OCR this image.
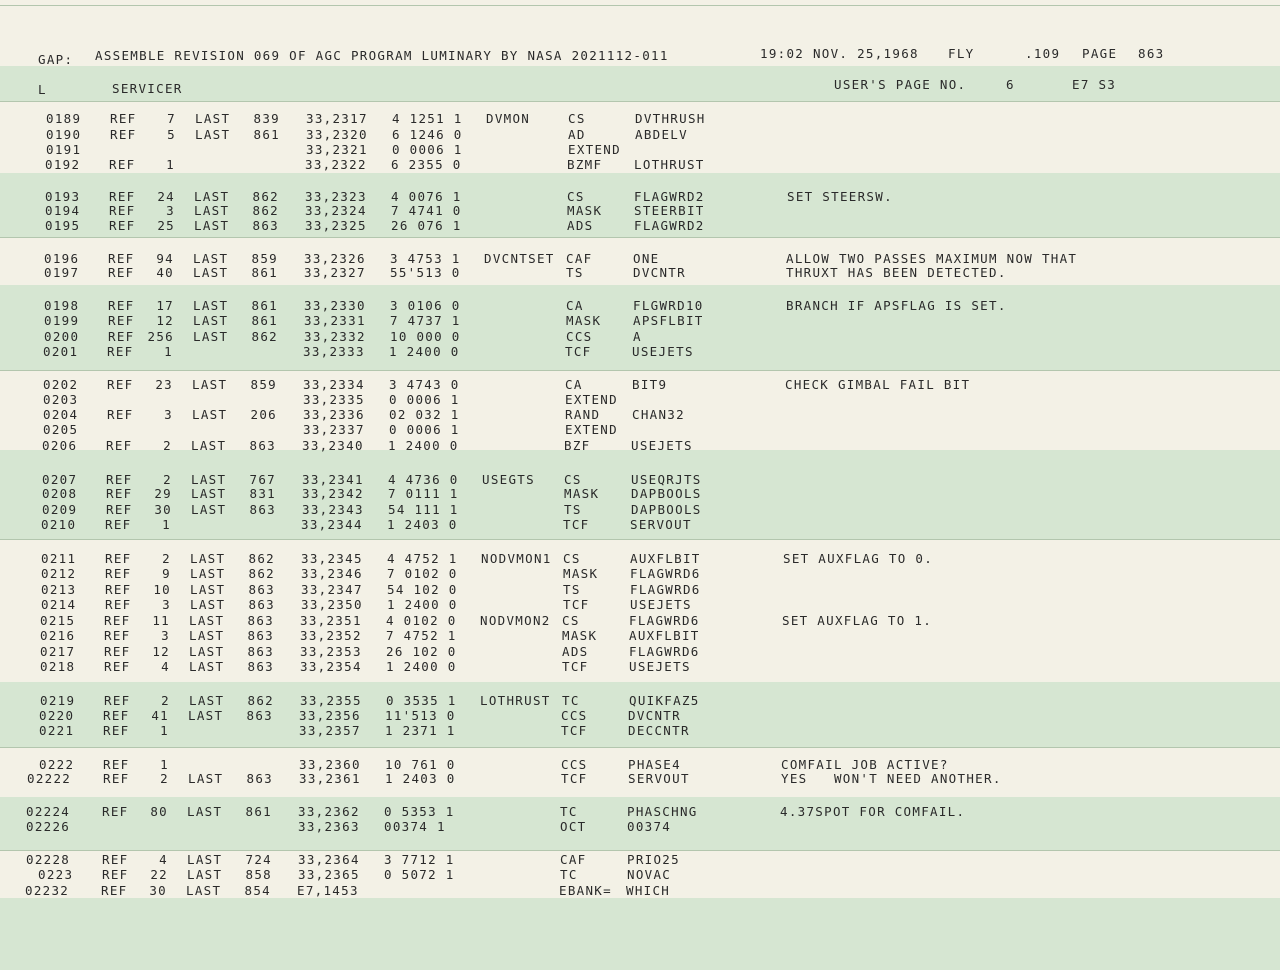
GAP: ASSEMBLE REVISION 069 OF AGC PROGRAM LUMINARY BY NASA 2021112-011	19:02 NOV. 25,1968 FLY	.109 PAGE 863
L	SERVICER	USER'S PAGE NO.	6	E7 S3
0189 REF 7 LAST 839 33,2317 4 1251 1 DVMON	CS	DVTHRUSH
0190 REF 5 LAST 861 33,2320 6 1246 0	AD	ABDELV
0191	33,2321 0 0006 1	EXTEND
0192 REF 1	33,2322 6 2355 0	BZMF	LOTHRUST
0193 REF 24 LAST 862 33,2323 4 0076 1	CS	FLAGWRD2	SET STEERSW.
0194 REF 3 LAST 862 33,2324 7 4741 0	MASK	STEERBIT
0195 REF 25 LAST 863 33,2325 26 076 1	ADS	FLAGWRD2
0196 REF 94 LAST 859 33,2326 3 4753 1 DVCNTSET CAF	ONE	ALLOW TWO PASSES MAXIMUM NOW THAT
0197 REF 40 LAST 861 33,2327 55'513 0	TS	DVCNTR	THRUXT HAS BEEN DETECTED.
0198 REF 17 LAST 861 33,2330 3 0106 0	CA	FLGWRD10	BRANCH IF APSFLAG IS SET.
0199 REF 12 LAST 861 33,2331 7 4737 1	MASK	APSFLBIT
0200 REF 256 LAST 862 33,2332 10 000 0	CCS	A
0201 REF 1	33,2333 1 2400 0	TCF	USEJETS
0202 REF 23 LAST 859 33,2334 3 4743 0	CA	BIT9	CHECK GIMBAL FAIL BIT
0203	33,2335 0 0006 1	EXTEND
0204 REF 3 LAST 206 33,2336 02 032 1	RAND	CHAN32
0205	33,2337 0 0006 1	EXTEND
0206 REF 2 LAST 863 33,2340 1 2400 0	BZF	USEJETS
0207 REF 2 LAST 767 33,2341 4 4736 0 USEGTS CS	USEQRJTS
0208 REF 29 LAST 831 33,2342 7 0111 1	MASK	DAPBOOLS
0209 REF 30 LAST 863 33,2343 54 111 1	TS	DAPBOOLS
0210 REF 1	33,2344 1 2403 0	TCF	SERVOUT
0211 REF 2 LAST 862 33,2345 4 4752 1 NODVMON1 CS	AUXFLBIT	SET AUXFLAG TO 0.
0212 REF 9 LAST 862 33,2346 7 0102 0	MASK	FLAGWRD6
0213 REF 10 LAST 863 33,2347 54 102 0	TS	FLAGWRD6
0214 REF 3 LAST 863 33,2350 1 2400 0	TCF	USEJETS
0215 REF 11 LAST 863 33,2351 4 0102 0 NODVMON2 CS	FLAGWRD6	SET AUXFLAG TO 1.
0216 REF 3 LAST 863 33,2352 7 4752 1	MASK	AUXFLBIT
0217 REF 12 LAST 863 33,2353 26 102 0	ADS	FLAGWRD6
0218 REF 4 LAST 863 33,2354 1 2400 0	TCF	USEJETS
0219 REF 2 LAST 862 33,2355 0 3535 1 LOTHRUST TC	QUIKFAZ5
0220 REF 41 LAST 863 33,2356 11'513 0	CCS	DVCNTR
0221 REF 1	33,2357 1 2371 1	TCF	DECCNTR
0222 REF 1	33,2360 10 761 0	CCS	PHASE4	COMFAIL JOB ACTIVE?
02222	REF 2 LAST 863 33,2361 1 2403 0	TCF	SERVOUT	YES   WON'T NEED ANOTHER.
02224	REF 80 LAST 861 33,2362 0 5353 1	TC	PHASCHNG	4.37SPOT FOR COMFAIL.
02226	33,2363 00374 1	OCT	00374
02228	REF 4 LAST 724 33,2364 3 7712 1	CAF	PRIO25
0223 REF 22 LAST 858 33,2365 0 5072 1	TC	NOVAC
02232	REF 30 LAST 854 E7,1453	EBANK= WHICH
